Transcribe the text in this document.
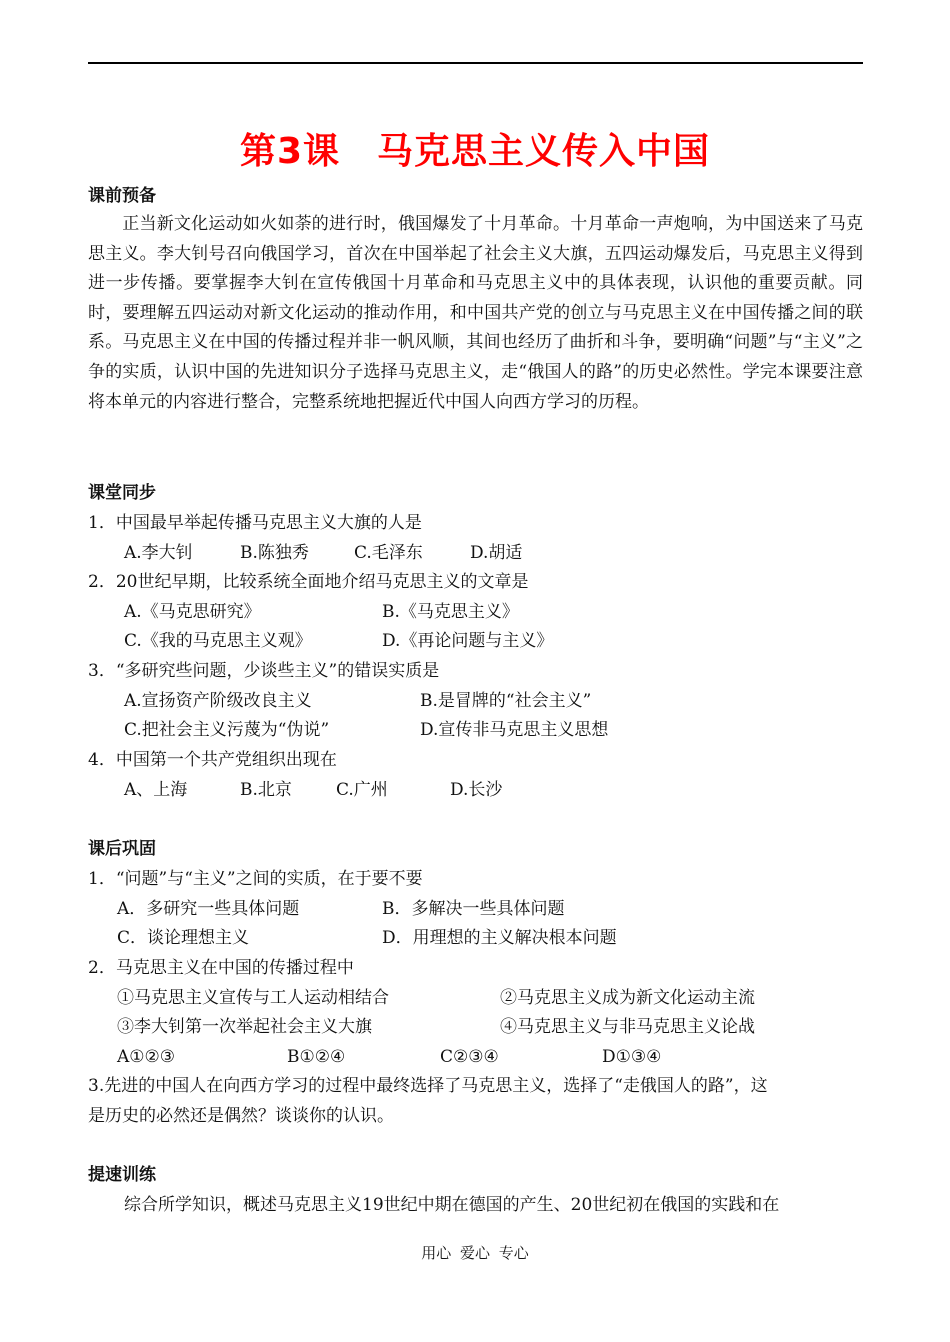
第3课　马克思主义传入中国
课前预备
正当新文化运动如火如荼的进行时，俄国爆发了十月革命。十月革命一声炮响，为中国送来了马克思主义。李大钊号召向俄国学习，首次在中国举起了社会主义大旗，五四运动爆发后，马克思主义得到进一步传播。要掌握李大钊在宣传俄国十月革命和马克思主义中的具体表现，认识他的重要贡献。同时，要理解五四运动对新文化运动的推动作用，和中国共产党的创立与马克思主义在中国传播之间的联系。马克思主义在中国的传播过程并非一帆风顺，其间也经历了曲折和斗争，要明确“问题”与“主义”之争的实质，认识中国的先进知识分子选择马克思主义，走“俄国人的路”的历史必然性。学完本课要注意将本单元的内容进行整合，完整系统地把握近代中国人向西方学习的历程。
课堂同步
1．中国最早举起传播马克思主义大旗的人是
A.李大钊	B.陈独秀	C.毛泽东	D.胡适
2．20世纪早期，比较系统全面地介绍马克思主义的文章是
A.《马克思研究》	B.《马克思主义》
C.《我的马克思主义观》	D.《再论问题与主义》
3．“多研究些问题，少谈些主义”的错误实质是
A.宣扬资产阶级改良主义	B.是冒牌的“社会主义”
C.把社会主义污蔑为“伪说”	D.宣传非马克思主义思想
4．中国第一个共产党组织出现在
A、上海	B.北京	C.广州	D.长沙
课后巩固
1．“问题”与“主义”之间的实质，在于要不要
A．多研究一些具体问题	B．多解决一些具体问题
C．谈论理想主义	D．用理想的主义解决根本问题
2．马克思主义在中国的传播过程中
①马克思主义宣传与工人运动相结合	②马克思主义成为新文化运动主流
③李大钊第一次举起社会主义大旗	④马克思主义与非马克思主义论战
A①②③	B①②④	C②③④	D①③④
3.先进的中国人在向西方学习的过程中最终选择了马克思主义，选择了“走俄国人的路”，这
是历史的必然还是偶然？谈谈你的认识。
提速训练
综合所学知识，概述马克思主义19世纪中期在德国的产生、20世纪初在俄国的实践和在
用心 爱心 专心
